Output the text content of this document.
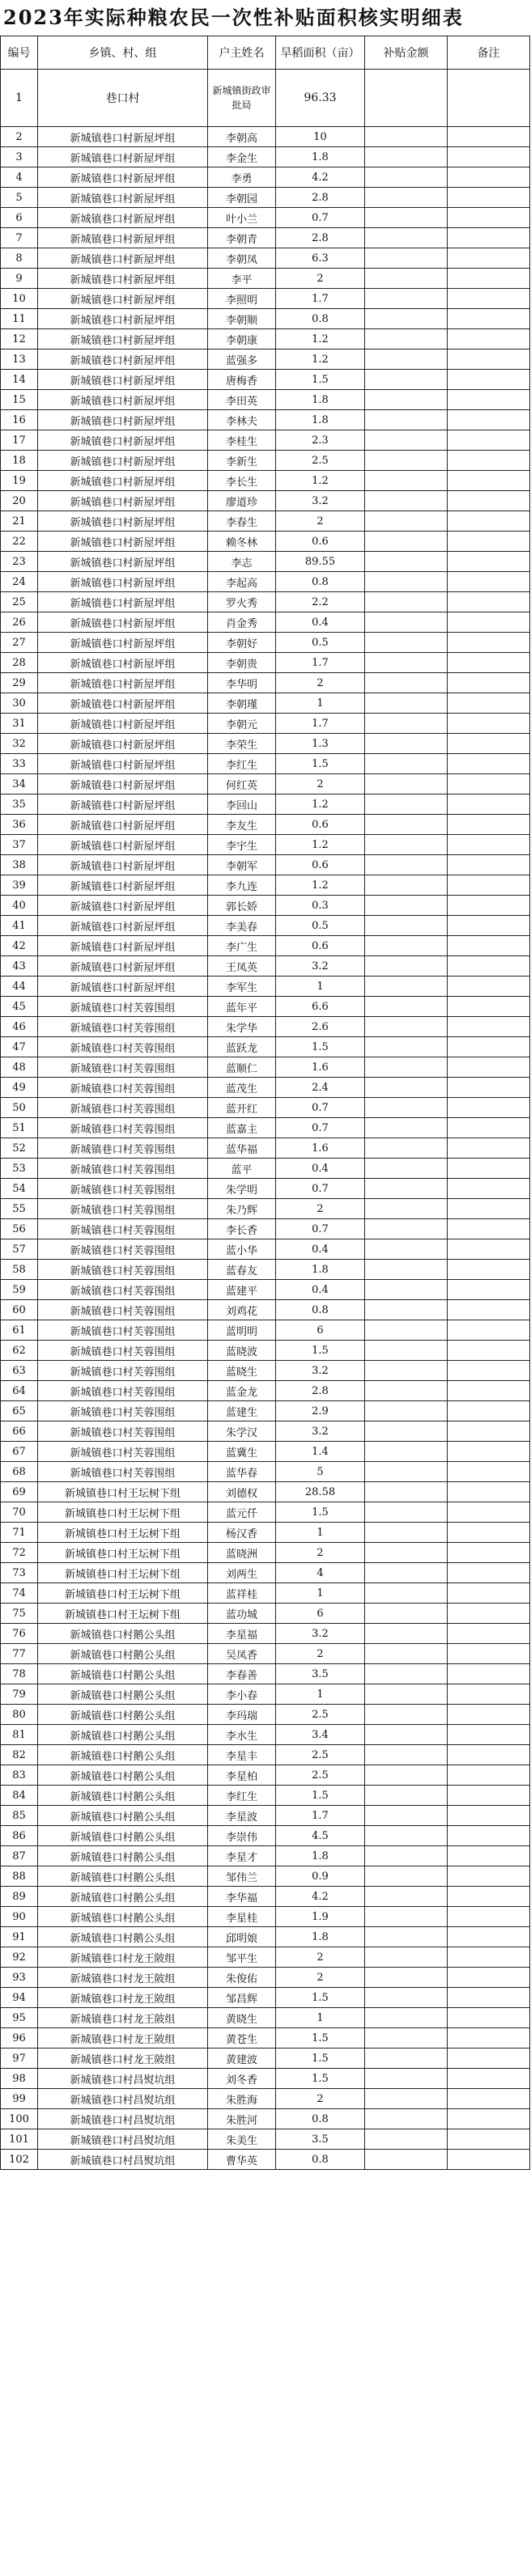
2023年实际种粮农民一次性补贴面积核实明细表
编号	乡镇、村、组	户主姓名	旱稻面积（亩）	补贴金额	备注
1	巷口村	新城镇街政审批局	96.33		
2	新城镇巷口村新屋坪组	李朝高	10		
3	新城镇巷口村新屋坪组	李金生	1.8		
4	新城镇巷口村新屋坪组	李勇	4.2		
5	新城镇巷口村新屋坪组	李朝园	2.8		
6	新城镇巷口村新屋坪组	叶小兰	0.7		
7	新城镇巷口村新屋坪组	李朝青	2.8		
8	新城镇巷口村新屋坪组	李朝凤	6.3		
9	新城镇巷口村新屋坪组	李平	2		
10	新城镇巷口村新屋坪组	李照明	1.7		
11	新城镇巷口村新屋坪组	李朝顺	0.8		
12	新城镇巷口村新屋坪组	李朝康	1.2		
13	新城镇巷口村新屋坪组	蓝强多	1.2		
14	新城镇巷口村新屋坪组	唐梅香	1.5		
15	新城镇巷口村新屋坪组	李田英	1.8		
16	新城镇巷口村新屋坪组	李林夫	1.8		
17	新城镇巷口村新屋坪组	李桂生	2.3		
18	新城镇巷口村新屋坪组	李新生	2.5		
19	新城镇巷口村新屋坪组	李长生	1.2		
20	新城镇巷口村新屋坪组	廖道珍	3.2		
21	新城镇巷口村新屋坪组	李春生	2		
22	新城镇巷口村新屋坪组	赖冬林	0.6		
23	新城镇巷口村新屋坪组	李志	89.55		
24	新城镇巷口村新屋坪组	李起高	0.8		
25	新城镇巷口村新屋坪组	罗火秀	2.2		
26	新城镇巷口村新屋坪组	肖金秀	0.4		
27	新城镇巷口村新屋坪组	李朝好	0.5		
28	新城镇巷口村新屋坪组	李朝贵	1.7		
29	新城镇巷口村新屋坪组	李华明	2		
30	新城镇巷口村新屋坪组	李朝瑾	1		
31	新城镇巷口村新屋坪组	李朝元	1.7		
32	新城镇巷口村新屋坪组	李荣生	1.3		
33	新城镇巷口村新屋坪组	李红生	1.5		
34	新城镇巷口村新屋坪组	何红英	2		
35	新城镇巷口村新屋坪组	李回山	1.2		
36	新城镇巷口村新屋坪组	李友生	0.6		
37	新城镇巷口村新屋坪组	李宇生	1.2		
38	新城镇巷口村新屋坪组	李朝军	0.6		
39	新城镇巷口村新屋坪组	李九连	1.2		
40	新城镇巷口村新屋坪组	郭长娇	0.3		
41	新城镇巷口村新屋坪组	李美春	0.5		
42	新城镇巷口村新屋坪组	李广生	0.6		
43	新城镇巷口村新屋坪组	王凤英	3.2		
44	新城镇巷口村新屋坪组	李军生	1		
45	新城镇巷口村芙蓉围组	蓝年平	6.6		
46	新城镇巷口村芙蓉围组	朱学华	2.6		
47	新城镇巷口村芙蓉围组	蓝跃龙	1.5		
48	新城镇巷口村芙蓉围组	蓝顺仁	1.6		
49	新城镇巷口村芙蓉围组	蓝茂生	2.4		
50	新城镇巷口村芙蓉围组	蓝开红	0.7		
51	新城镇巷口村芙蓉围组	蓝嘉主	0.7		
52	新城镇巷口村芙蓉围组	蓝华福	1.6		
53	新城镇巷口村芙蓉围组	蓝平	0.4		
54	新城镇巷口村芙蓉围组	朱学明	0.7		
55	新城镇巷口村芙蓉围组	朱乃辉	2		
56	新城镇巷口村芙蓉围组	李长香	0.7		
57	新城镇巷口村芙蓉围组	蓝小华	0.4		
58	新城镇巷口村芙蓉围组	蓝春友	1.8		
59	新城镇巷口村芙蓉围组	蓝建平	0.4		
60	新城镇巷口村芙蓉围组	刘鸡花	0.8		
61	新城镇巷口村芙蓉围组	蓝明明	6		
62	新城镇巷口村芙蓉围组	蓝晓波	1.5		
63	新城镇巷口村芙蓉围组	蓝晓生	3.2		
64	新城镇巷口村芙蓉围组	蓝金龙	2.8		
65	新城镇巷口村芙蓉围组	蓝建生	2.9		
66	新城镇巷口村芙蓉围组	朱学汉	3.2		
67	新城镇巷口村芙蓉围组	蓝冀生	1.4		
68	新城镇巷口村芙蓉围组	蓝华春	5		
69	新城镇巷口村王坛树下组	刘德权	28.58		
70	新城镇巷口村王坛树下组	蓝元仟	1.5		
71	新城镇巷口村王坛树下组	杨汉香	1		
72	新城镇巷口村王坛树下组	蓝晓洲	2		
73	新城镇巷口村王坛树下组	刘两生	4		
74	新城镇巷口村王坛树下组	蓝祥桂	1		
75	新城镇巷口村王坛树下组	蓝功城	6		
76	新城镇巷口村鹅公头组	李星福	3.2		
77	新城镇巷口村鹅公头组	吴凤香	2		
78	新城镇巷口村鹅公头组	李春善	3.5		
79	新城镇巷口村鹅公头组	李小春	1		
80	新城镇巷口村鹅公头组	李玛瑞	2.5		
81	新城镇巷口村鹅公头组	李水生	3.4		
82	新城镇巷口村鹅公头组	李星丰	2.5		
83	新城镇巷口村鹅公头组	李星柏	2.5		
84	新城镇巷口村鹅公头组	李红生	1.5		
85	新城镇巷口村鹅公头组	李星波	1.7		
86	新城镇巷口村鹅公头组	李崇伟	4.5		
87	新城镇巷口村鹅公头组	李星才	1.8		
88	新城镇巷口村鹅公头组	邹伟兰	0.9		
89	新城镇巷口村鹅公头组	李华福	4.2		
90	新城镇巷口村鹅公头组	李星桂	1.9		
91	新城镇巷口村鹅公头组	邱明娘	1.8		
92	新城镇巷口村龙王陂组	邹平生	2		
93	新城镇巷口村龙王陂组	朱俊佑	2		
94	新城镇巷口村龙王陂组	邹昌辉	1.5		
95	新城镇巷口村龙王陂组	黄晓生	1		
96	新城镇巷口村龙王陂组	黄苍生	1.5		
97	新城镇巷口村龙王陂组	黄建波	1.5		
98	新城镇巷口村昌熨坑组	刘冬香	1.5		
99	新城镇巷口村昌熨坑组	朱胜海	2		
100	新城镇巷口村昌熨坑组	朱胜河	0.8		
101	新城镇巷口村昌熨坑组	朱美生	3.5		
102	新城镇巷口村昌熨坑组	曹华英	0.8		
